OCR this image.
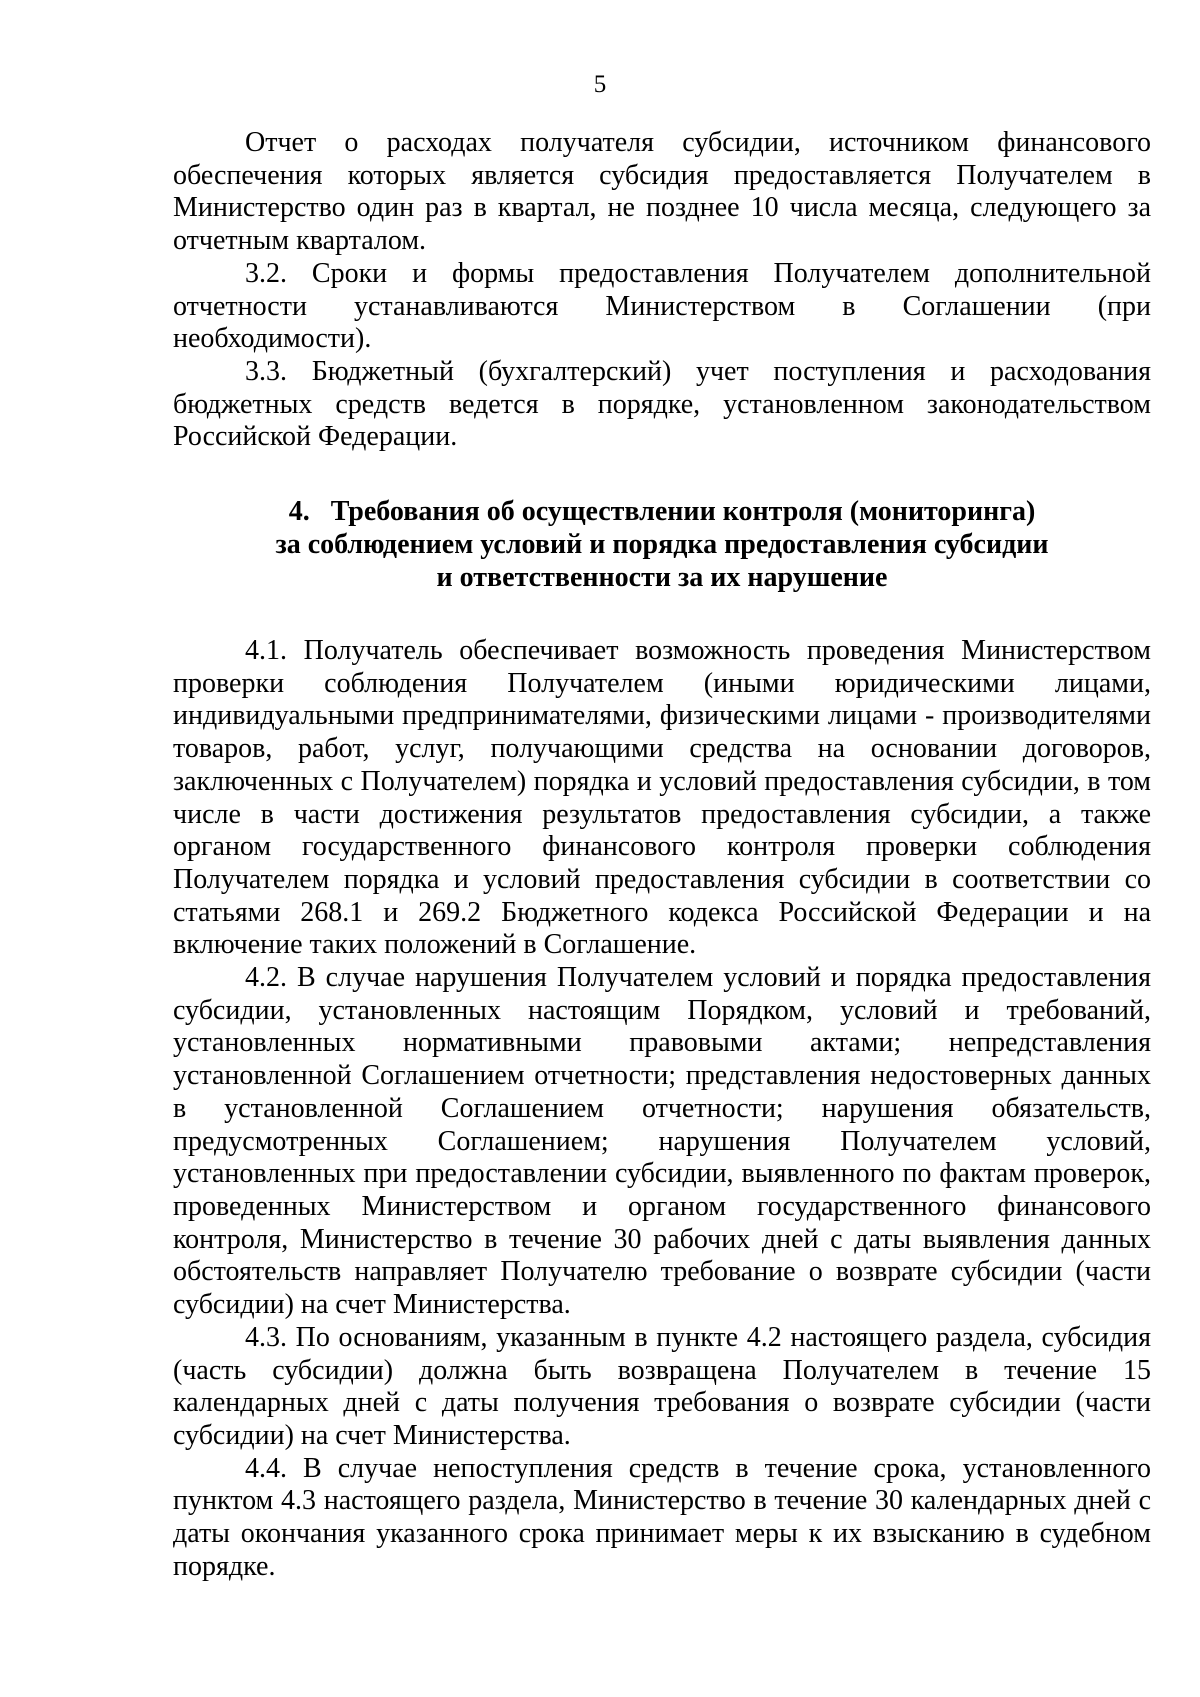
5

Отчет о расходах получателя субсидии, источником финансового обеспечения которых является субсидия предоставляется Получателем в Министерство один раз в квартал, не позднее 10 числа месяца, следующего за отчетным кварталом.

3.2. Сроки и формы предоставления Получателем дополнительной отчетности устанавливаются Министерством в Соглашении (при необходимости).

3.3. Бюджетный (бухгалтерский) учет поступления и расходования бюджетных средств ведется в порядке, установленном законодательством Российской Федерации.

4.   Требования об осуществлении контроля (мониторинга)
за соблюдением условий и порядка предоставления субсидии
и ответственности за их нарушение

4.1. Получатель обеспечивает возможность проведения Министерством проверки соблюдения Получателем (иными юридическими лицами, индивидуальными предпринимателями, физическими лицами - производителями товаров, работ, услуг, получающими средства на основании договоров, заключенных с Получателем) порядка и условий предоставления субсидии, в том числе в части достижения результатов предоставления субсидии, а также органом государственного финансового контроля проверки соблюдения Получателем порядка и условий предоставления субсидии в соответствии со статьями 268.1 и 269.2 Бюджетного кодекса Российской Федерации и на включение таких положений в Соглашение.

4.2. В случае нарушения Получателем условий и порядка предоставления субсидии, установленных настоящим Порядком, условий и требований, установленных нормативными правовыми актами; непредставления установленной Соглашением отчетности; представления недостоверных данных в установленной Соглашением отчетности; нарушения обязательств, предусмотренных Соглашением; нарушения Получателем условий, установленных при предоставлении субсидии, выявленного по фактам проверок, проведенных Министерством и органом государственного финансового контроля, Министерство в течение 30 рабочих дней с даты выявления данных обстоятельств направляет Получателю требование о возврате субсидии (части субсидии) на счет Министерства.

4.3. По основаниям, указанным в пункте 4.2 настоящего раздела, субсидия (часть субсидии) должна быть возвращена Получателем в течение 15 календарных дней с даты получения требования о возврате субсидии (части субсидии) на счет Министерства.

4.4. В случае непоступления средств в течение срока, установленного пунктом 4.3 настоящего раздела, Министерство в течение 30 календарных дней с даты окончания указанного срока принимает меры к их взысканию в судебном порядке.
